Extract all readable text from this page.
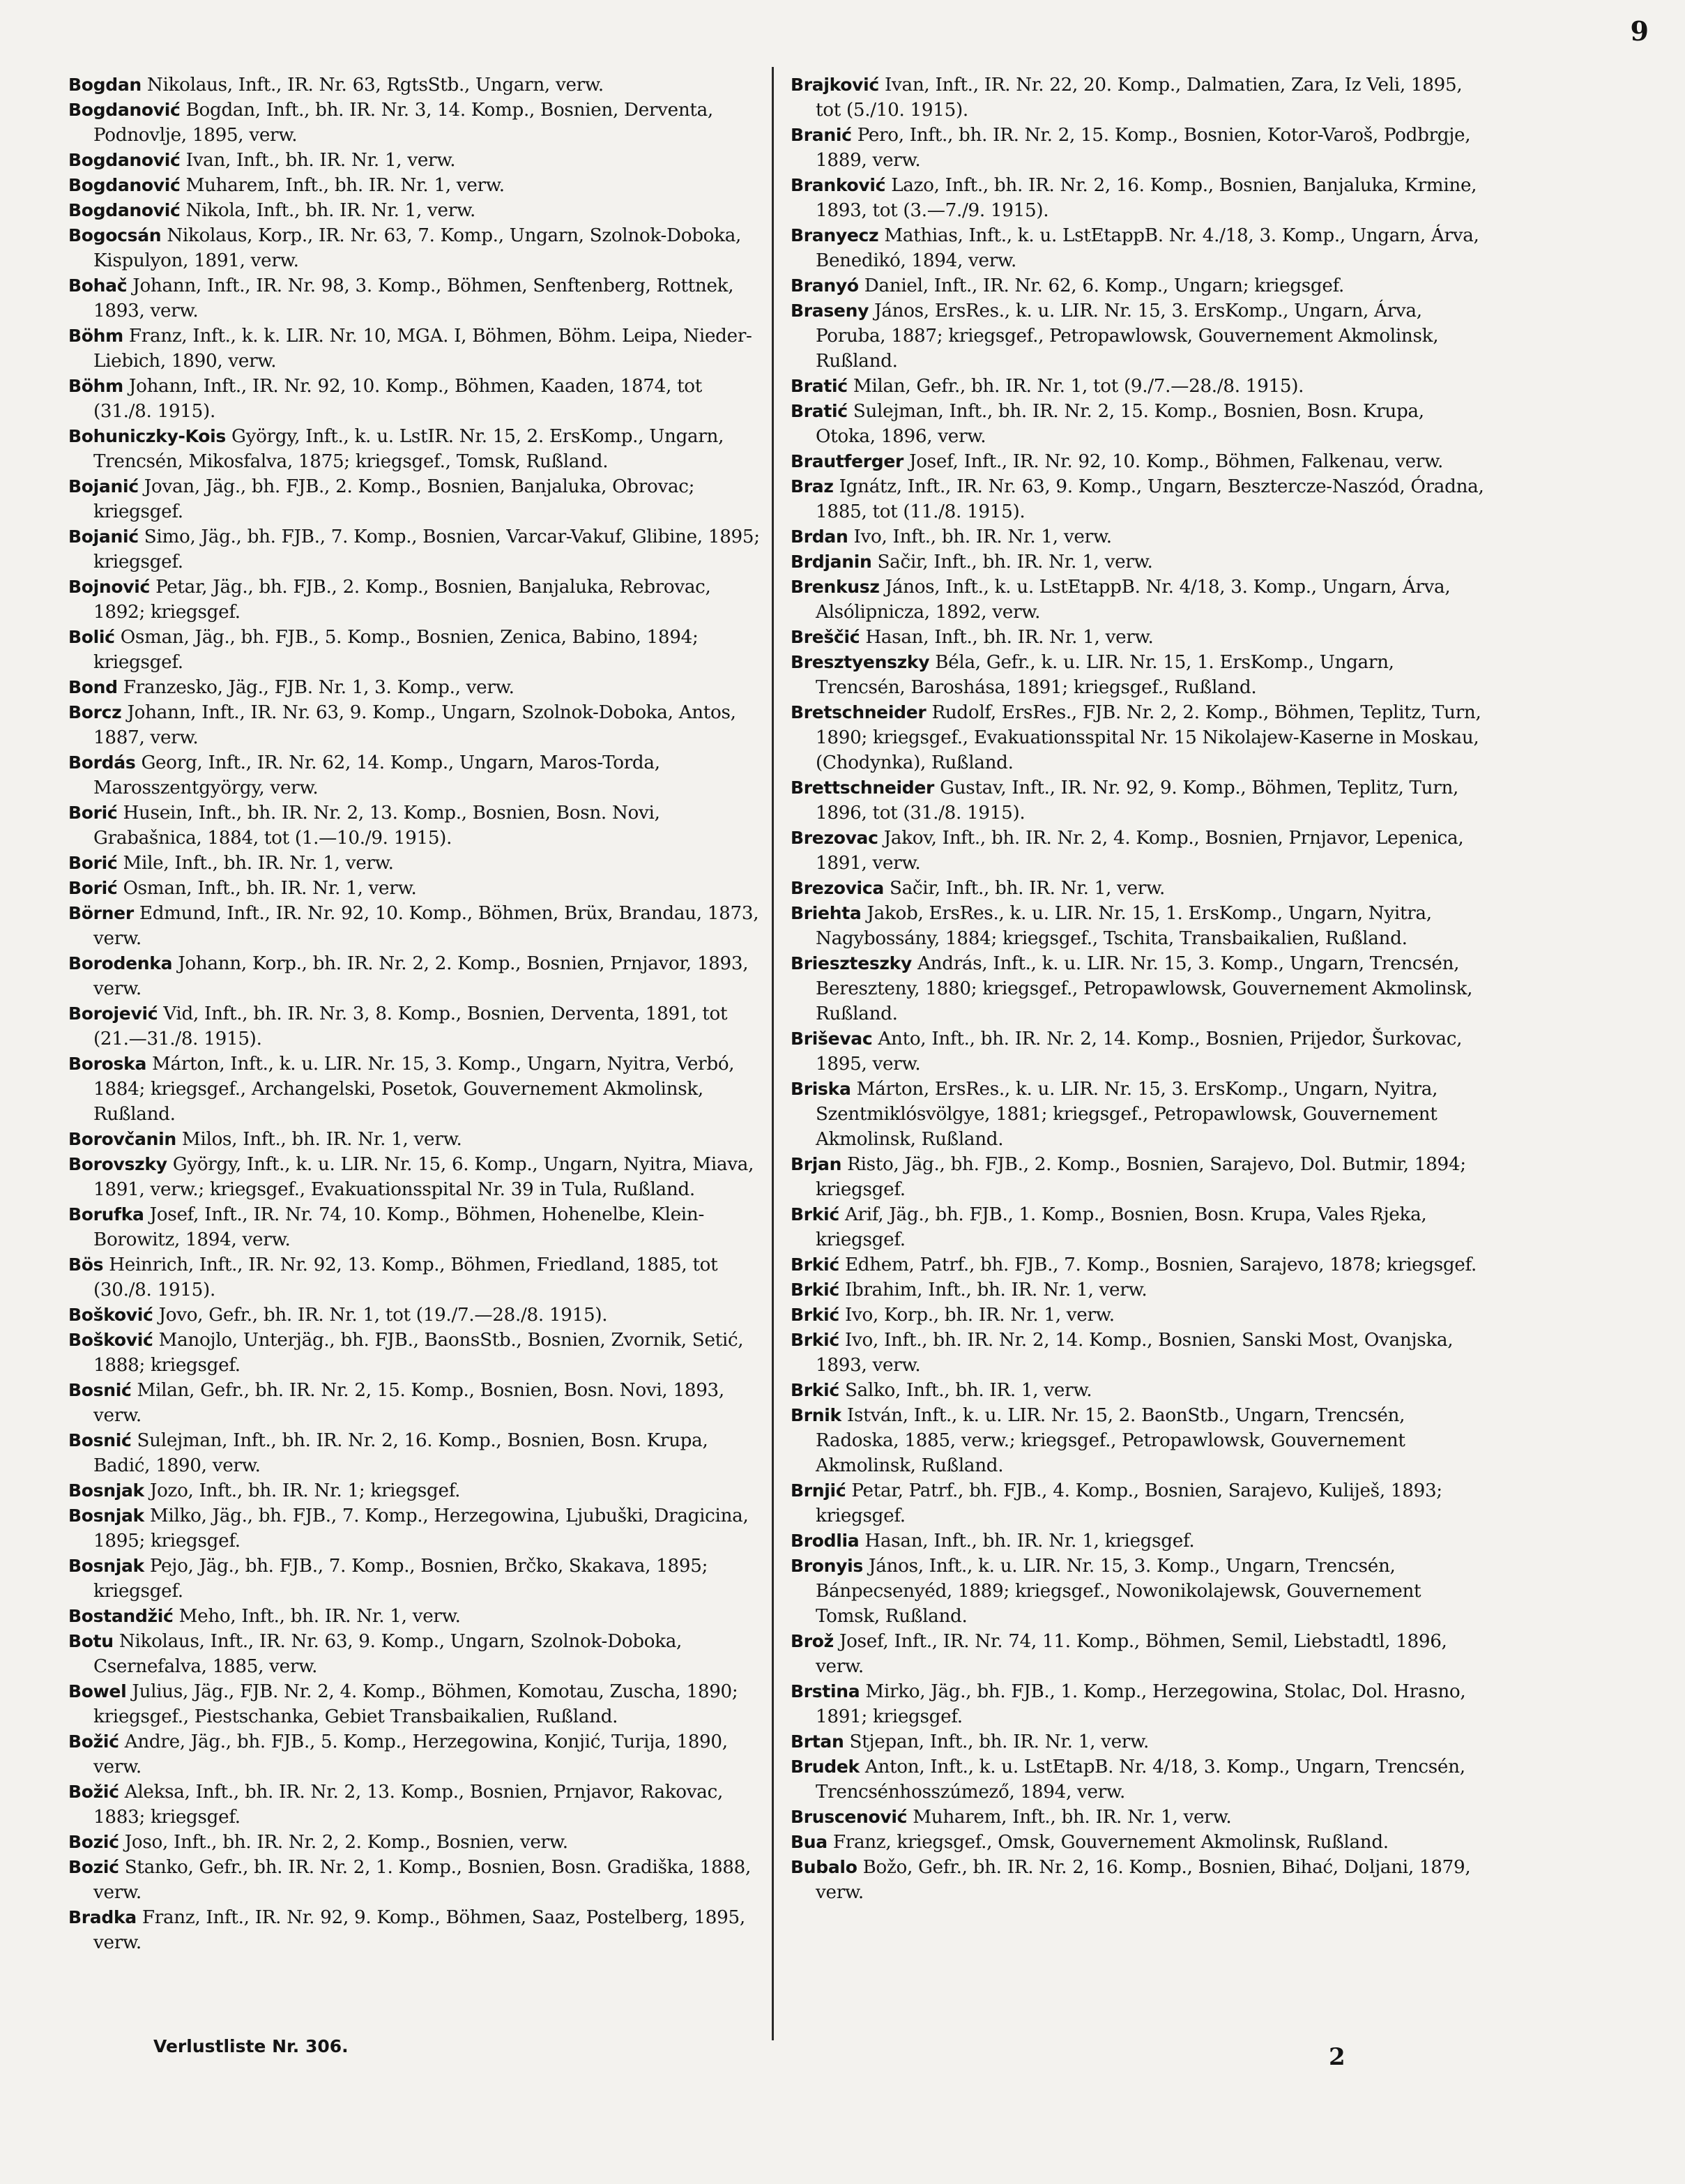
9

Bogdan Nikolaus, Inft., IR. Nr. 63, RgtsStb., Ungarn, verw.

Bogdanović Bogdan, Inft., bh. IR. Nr. 3, 14. Komp., Bosnien, Derventa, Podnovlje, 1895, verw.

Bogdanović Ivan, Inft., bh. IR. Nr. 1, verw.

Bogdanović Muharem, Inft., bh. IR. Nr. 1, verw.

Bogdanović Nikola, Inft., bh. IR. Nr. 1, verw.

Bogocsán Nikolaus, Korp., IR. Nr. 63, 7. Komp., Ungarn, Szolnok-Doboka, Kispulyon, 1891, verw.

Bohač Johann, Inft., IR. Nr. 98, 3. Komp., Böhmen, Senftenberg, Rottnek, 1893, verw.

Böhm Franz, Inft., k. k. LIR. Nr. 10, MGA. I, Böhmen, Böhm. Leipa, Nieder-Liebich, 1890, verw.

Böhm Johann, Inft., IR. Nr. 92, 10. Komp., Böhmen, Kaaden, 1874, tot (31./8. 1915).

Bohuniczky-Kois György, Inft., k. u. LstIR. Nr. 15, 2. ErsKomp., Ungarn, Trencsén, Mikosfalva, 1875; kriegsgef., Tomsk, Rußland.

Bojanić Jovan, Jäg., bh. FJB., 2. Komp., Bosnien, Banjaluka, Obrovac; kriegsgef.

Bojanić Simo, Jäg., bh. FJB., 7. Komp., Bosnien, Varcar-Vakuf, Glibine, 1895; kriegsgef.

Bojnović Petar, Jäg., bh. FJB., 2. Komp., Bosnien, Banjaluka, Rebrovac, 1892; kriegsgef.

Bolić Osman, Jäg., bh. FJB., 5. Komp., Bosnien, Zenica, Babino, 1894; kriegsgef.

Bond Franzesko, Jäg., FJB. Nr. 1, 3. Komp., verw.

Borcz Johann, Inft., IR. Nr. 63, 9. Komp., Ungarn, Szolnok-Doboka, Antos, 1887, verw.

Bordás Georg, Inft., IR. Nr. 62, 14. Komp., Ungarn, Maros-Torda, Marosszentgyörgy, verw.

Borić Husein, Inft., bh. IR. Nr. 2, 13. Komp., Bosnien, Bosn. Novi, Grabašnica, 1884, tot (1.—10./9. 1915).

Borić Mile, Inft., bh. IR. Nr. 1, verw.

Borić Osman, Inft., bh. IR. Nr. 1, verw.

Börner Edmund, Inft., IR. Nr. 92, 10. Komp., Böhmen, Brüx, Brandau, 1873, verw.

Borodenka Johann, Korp., bh. IR. Nr. 2, 2. Komp., Bosnien, Prnjavor, 1893, verw.

Borojević Vid, Inft., bh. IR. Nr. 3, 8. Komp., Bosnien, Derventa, 1891, tot (21.—31./8. 1915).

Boroska Márton, Inft., k. u. LIR. Nr. 15, 3. Komp., Ungarn, Nyitra, Verbó, 1884; kriegsgef., Archangelski, Posetok, Gouvernement Akmolinsk, Rußland.

Borovčanin Milos, Inft., bh. IR. Nr. 1, verw.

Borovszky György, Inft., k. u. LIR. Nr. 15, 6. Komp., Ungarn, Nyitra, Miava, 1891, verw.; kriegsgef., Evakuationsspital Nr. 39 in Tula, Rußland.

Borufka Josef, Inft., IR. Nr. 74, 10. Komp., Böhmen, Hohenelbe, Klein-Borowitz, 1894, verw.

Bös Heinrich, Inft., IR. Nr. 92, 13. Komp., Böhmen, Friedland, 1885, tot (30./8. 1915).

Bošković Jovo, Gefr., bh. IR. Nr. 1, tot (19./7.—28./8. 1915).

Bošković Manojlo, Unterjäg., bh. FJB., BaonsStb., Bosnien, Zvornik, Setić, 1888; kriegsgef.

Bosnić Milan, Gefr., bh. IR. Nr. 2, 15. Komp., Bosnien, Bosn. Novi, 1893, verw.

Bosnić Sulejman, Inft., bh. IR. Nr. 2, 16. Komp., Bosnien, Bosn. Krupa, Badić, 1890, verw.

Bosnjak Jozo, Inft., bh. IR. Nr. 1; kriegsgef.

Bosnjak Milko, Jäg., bh. FJB., 7. Komp., Herzegowina, Ljubuški, Dragicina, 1895; kriegsgef.

Bosnjak Pejo, Jäg., bh. FJB., 7. Komp., Bosnien, Brčko, Skakava, 1895; kriegsgef.

Bostandžić Meho, Inft., bh. IR. Nr. 1, verw.

Botu Nikolaus, Inft., IR. Nr. 63, 9. Komp., Ungarn, Szolnok-Doboka, Csernefalva, 1885, verw.

Bowel Julius, Jäg., FJB. Nr. 2, 4. Komp., Böhmen, Komotau, Zuscha, 1890; kriegsgef., Piestschanka, Gebiet Transbaikalien, Rußland.

Božić Andre, Jäg., bh. FJB., 5. Komp., Herzegowina, Konjić, Turija, 1890, verw.

Božić Aleksa, Inft., bh. IR. Nr. 2, 13. Komp., Bosnien, Prnjavor, Rakovac, 1883; kriegsgef.

Bozić Joso, Inft., bh. IR. Nr. 2, 2. Komp., Bosnien, verw.

Bozić Stanko, Gefr., bh. IR. Nr. 2, 1. Komp., Bosnien, Bosn. Gradiška, 1888, verw.

Bradka Franz, Inft., IR. Nr. 92, 9. Komp., Böhmen, Saaz, Postelberg, 1895, verw.

Brajković Ivan, Inft., IR. Nr. 22, 20. Komp., Dalmatien, Zara, Iz Veli, 1895, tot (5./10. 1915).

Branić Pero, Inft., bh. IR. Nr. 2, 15. Komp., Bosnien, Kotor-Varoš, Podbrgje, 1889, verw.

Branković Lazo, Inft., bh. IR. Nr. 2, 16. Komp., Bosnien, Banjaluka, Krmine, 1893, tot (3.—7./9. 1915).

Branyecz Mathias, Inft., k. u. LstEtappB. Nr. 4./18, 3. Komp., Ungarn, Árva, Benedikó, 1894, verw.

Branyó Daniel, Inft., IR. Nr. 62, 6. Komp., Ungarn; kriegsgef.

Braseny János, ErsRes., k. u. LIR. Nr. 15, 3. ErsKomp., Ungarn, Árva, Poruba, 1887; kriegsgef., Petropawlowsk, Gouvernement Akmolinsk, Rußland.

Bratić Milan, Gefr., bh. IR. Nr. 1, tot (9./7.—28./8. 1915).

Bratić Sulejman, Inft., bh. IR. Nr. 2, 15. Komp., Bosnien, Bosn. Krupa, Otoka, 1896, verw.

Brautferger Josef, Inft., IR. Nr. 92, 10. Komp., Böhmen, Falkenau, verw.

Braz Ignátz, Inft., IR. Nr. 63, 9. Komp., Ungarn, Besztercze-Naszód, Óradna, 1885, tot (11./8. 1915).

Brdan Ivo, Inft., bh. IR. Nr. 1, verw.

Brdjanin Sačir, Inft., bh. IR. Nr. 1, verw.

Brenkusz János, Inft., k. u. LstEtappB. Nr. 4/18, 3. Komp., Ungarn, Árva, Alsólipnicza, 1892, verw.

Breščić Hasan, Inft., bh. IR. Nr. 1, verw.

Bresztyenszky Béla, Gefr., k. u. LIR. Nr. 15, 1. ErsKomp., Ungarn, Trencsén, Baroshása, 1891; kriegsgef., Rußland.

Bretschneider Rudolf, ErsRes., FJB. Nr. 2, 2. Komp., Böhmen, Teplitz, Turn, 1890; kriegsgef., Evakuationsspital Nr. 15 Nikolajew-Kaserne in Moskau, (Chodynka), Rußland.

Brettschneider Gustav, Inft., IR. Nr. 92, 9. Komp., Böhmen, Teplitz, Turn, 1896, tot (31./8. 1915).

Brezovac Jakov, Inft., bh. IR. Nr. 2, 4. Komp., Bosnien, Prnjavor, Lepenica, 1891, verw.

Brezovica Sačir, Inft., bh. IR. Nr. 1, verw.

Briehta Jakob, ErsRes., k. u. LIR. Nr. 15, 1. ErsKomp., Ungarn, Nyitra, Nagybossány, 1884; kriegsgef., Tschita, Transbaikalien, Rußland.

Brieszteszky András, Inft., k. u. LIR. Nr. 15, 3. Komp., Ungarn, Trencsén, Bereszteny, 1880; kriegsgef., Petropawlowsk, Gouvernement Akmolinsk, Rußland.

Briševac Anto, Inft., bh. IR. Nr. 2, 14. Komp., Bosnien, Prijedor, Šurkovac, 1895, verw.

Briska Márton, ErsRes., k. u. LIR. Nr. 15, 3. ErsKomp., Ungarn, Nyitra, Szentmiklósvölgye, 1881; kriegsgef., Petropawlowsk, Gouvernement Akmolinsk, Rußland.

Brjan Risto, Jäg., bh. FJB., 2. Komp., Bosnien, Sarajevo, Dol. Butmir, 1894; kriegsgef.

Brkić Arif, Jäg., bh. FJB., 1. Komp., Bosnien, Bosn. Krupa, Vales Rjeka, kriegsgef.

Brkić Edhem, Patrf., bh. FJB., 7. Komp., Bosnien, Sarajevo, 1878; kriegsgef.

Brkić Ibrahim, Inft., bh. IR. Nr. 1, verw.

Brkić Ivo, Korp., bh. IR. Nr. 1, verw.

Brkić Ivo, Inft., bh. IR. Nr. 2, 14. Komp., Bosnien, Sanski Most, Ovanjska, 1893, verw.

Brkić Salko, Inft., bh. IR. 1, verw.

Brnik István, Inft., k. u. LIR. Nr. 15, 2. BaonStb., Ungarn, Trencsén, Radoska, 1885, verw.; kriegsgef., Petropawlowsk, Gouvernement Akmolinsk, Rußland.

Brnjić Petar, Patrf., bh. FJB., 4. Komp., Bosnien, Sarajevo, Kuliješ, 1893; kriegsgef.

Brodlia Hasan, Inft., bh. IR. Nr. 1, kriegsgef.

Bronyis János, Inft., k. u. LIR. Nr. 15, 3. Komp., Ungarn, Trencsén, Bánpecsenyéd, 1889; kriegsgef., Nowonikolajewsk, Gouvernement Tomsk, Rußland.

Brož Josef, Inft., IR. Nr. 74, 11. Komp., Böhmen, Semil, Liebstadtl, 1896, verw.

Brstina Mirko, Jäg., bh. FJB., 1. Komp., Herzegowina, Stolac, Dol. Hrasno, 1891; kriegsgef.

Brtan Stjepan, Inft., bh. IR. Nr. 1, verw.

Brudek Anton, Inft., k. u. LstEtapB. Nr. 4/18, 3. Komp., Ungarn, Trencsén, Trencsénhosszúmező, 1894, verw.

Bruscenović Muharem, Inft., bh. IR. Nr. 1, verw.

Bua Franz, kriegsgef., Omsk, Gouvernement Akmolinsk, Rußland.

Bubalo Božo, Gefr., bh. IR. Nr. 2, 16. Komp., Bosnien, Bihać, Doljani, 1879, verw.

Verlustliste Nr. 306.	2
